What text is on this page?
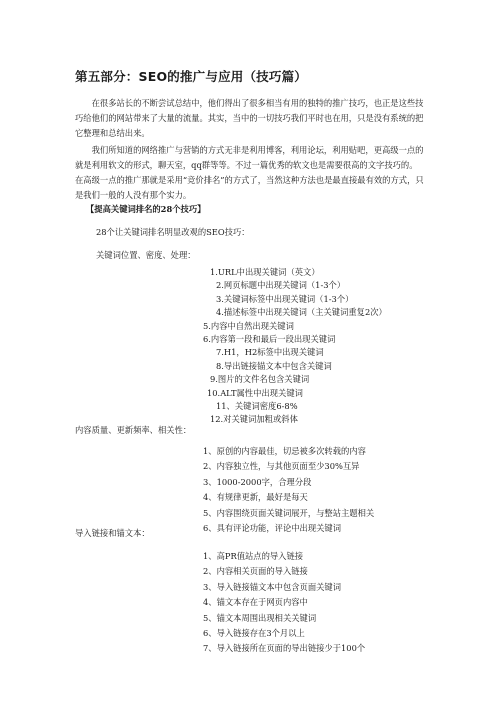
第五部分：SEO的推广与应用（技巧篇）

在很多站长的不断尝试总结中，他们得出了很多相当有用的独特的推广技巧，也正是这些技巧给他们的网站带来了大量的流量。其实，当中的一切技巧我们平时也在用，只是没有系统的把它整理和总结出来。

我们所知道的网络推广与营销的方式无非是利用博客，利用论坛，利用贴吧，更高级一点的就是利用软文的形式，聊天室，qq群等等。不过一篇优秀的软文也是需要很高的文字技巧的。在高级一点的推广那就是采用“竞价排名”的方式了，当然这种方法也是最直接最有效的方式，只是我们一般的人没有那个实力。

【提高关键词排名的28个技巧】
28个让关键词排名明显改观的SEO技巧：
关键词位置、密度、处理：
1.URL中出现关键词（英文）
2.网页标题中出现关键词（1-3个）
3.关键词标签中出现关键词（1-3个）
4.描述标签中出现关键词（主关键词重复2次）
5.内容中自然出现关键词
6.内容第一段和最后一段出现关键词
7.H1，H2标签中出现关键词
8.导出链接锚文本中包含关键词
9.图片的文件名包含关键词
10.ALT属性中出现关键词
11、关键词密度6-8%
12.对关键词加粗或斜体
内容质量、更新频率、相关性：
1、原创的内容最佳，切忌被多次转载的内容
2、内容独立性，与其他页面至少30%互异
3、1000-2000字，合理分段
4、有规律更新，最好是每天
5、内容围绕页面关键词展开，与整站主题相关
6、具有评论功能，评论中出现关键词
导入链接和锚文本：
1、高PR值站点的导入链接
2、内容相关页面的导入链接
3、导入链接锚文本中包含页面关键词
4、锚文本存在于网页内容中
5、锚文本周围出现相关关键词
6、导入链接存在3个月以上
7、导入链接所在页面的导出链接少于100个
